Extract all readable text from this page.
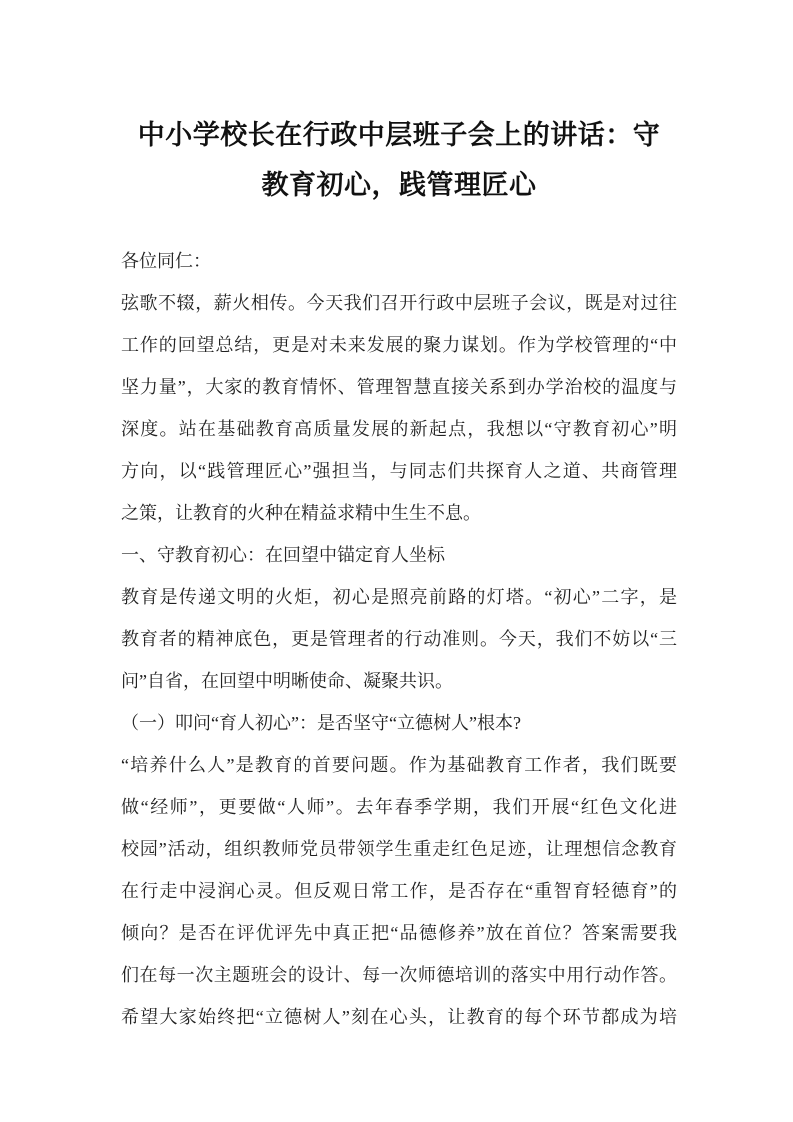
中小学校长在行政中层班子会上的讲话：守
教育初心，践管理匠心
各位同仁：
弦歌不辍，薪火相传。今天我们召开行政中层班子会议，既是对过往
工作的回望总结，更是对未来发展的聚力谋划。作为学校管理的“中
坚力量”，大家的教育情怀、管理智慧直接关系到办学治校的温度与
深度。站在基础教育高质量发展的新起点，我想以“守教育初心”明
方向，以“践管理匠心”强担当，与同志们共探育人之道、共商管理
之策，让教育的火种在精益求精中生生不息。
一、守教育初心：在回望中锚定育人坐标
教育是传递文明的火炬，初心是照亮前路的灯塔。“初心”二字，是
教育者的精神底色，更是管理者的行动准则。今天，我们不妨以“三
问”自省，在回望中明晰使命、凝聚共识。
（一）叩问“育人初心”：是否坚守“立德树人”根本?
“培养什么人”是教育的首要问题。作为基础教育工作者，我们既要
做“经师”，更要做“人师”。去年春季学期，我们开展“红色文化进
校园”活动，组织教师党员带领学生重走红色足迹，让理想信念教育
在行走中浸润心灵。但反观日常工作，是否存在“重智育轻德育”的
倾向？是否在评优评先中真正把“品德修养”放在首位？答案需要我
们在每一次主题班会的设计、每一次师德培训的落实中用行动作答。
希望大家始终把“立德树人”刻在心头，让教育的每个环节都成为培
